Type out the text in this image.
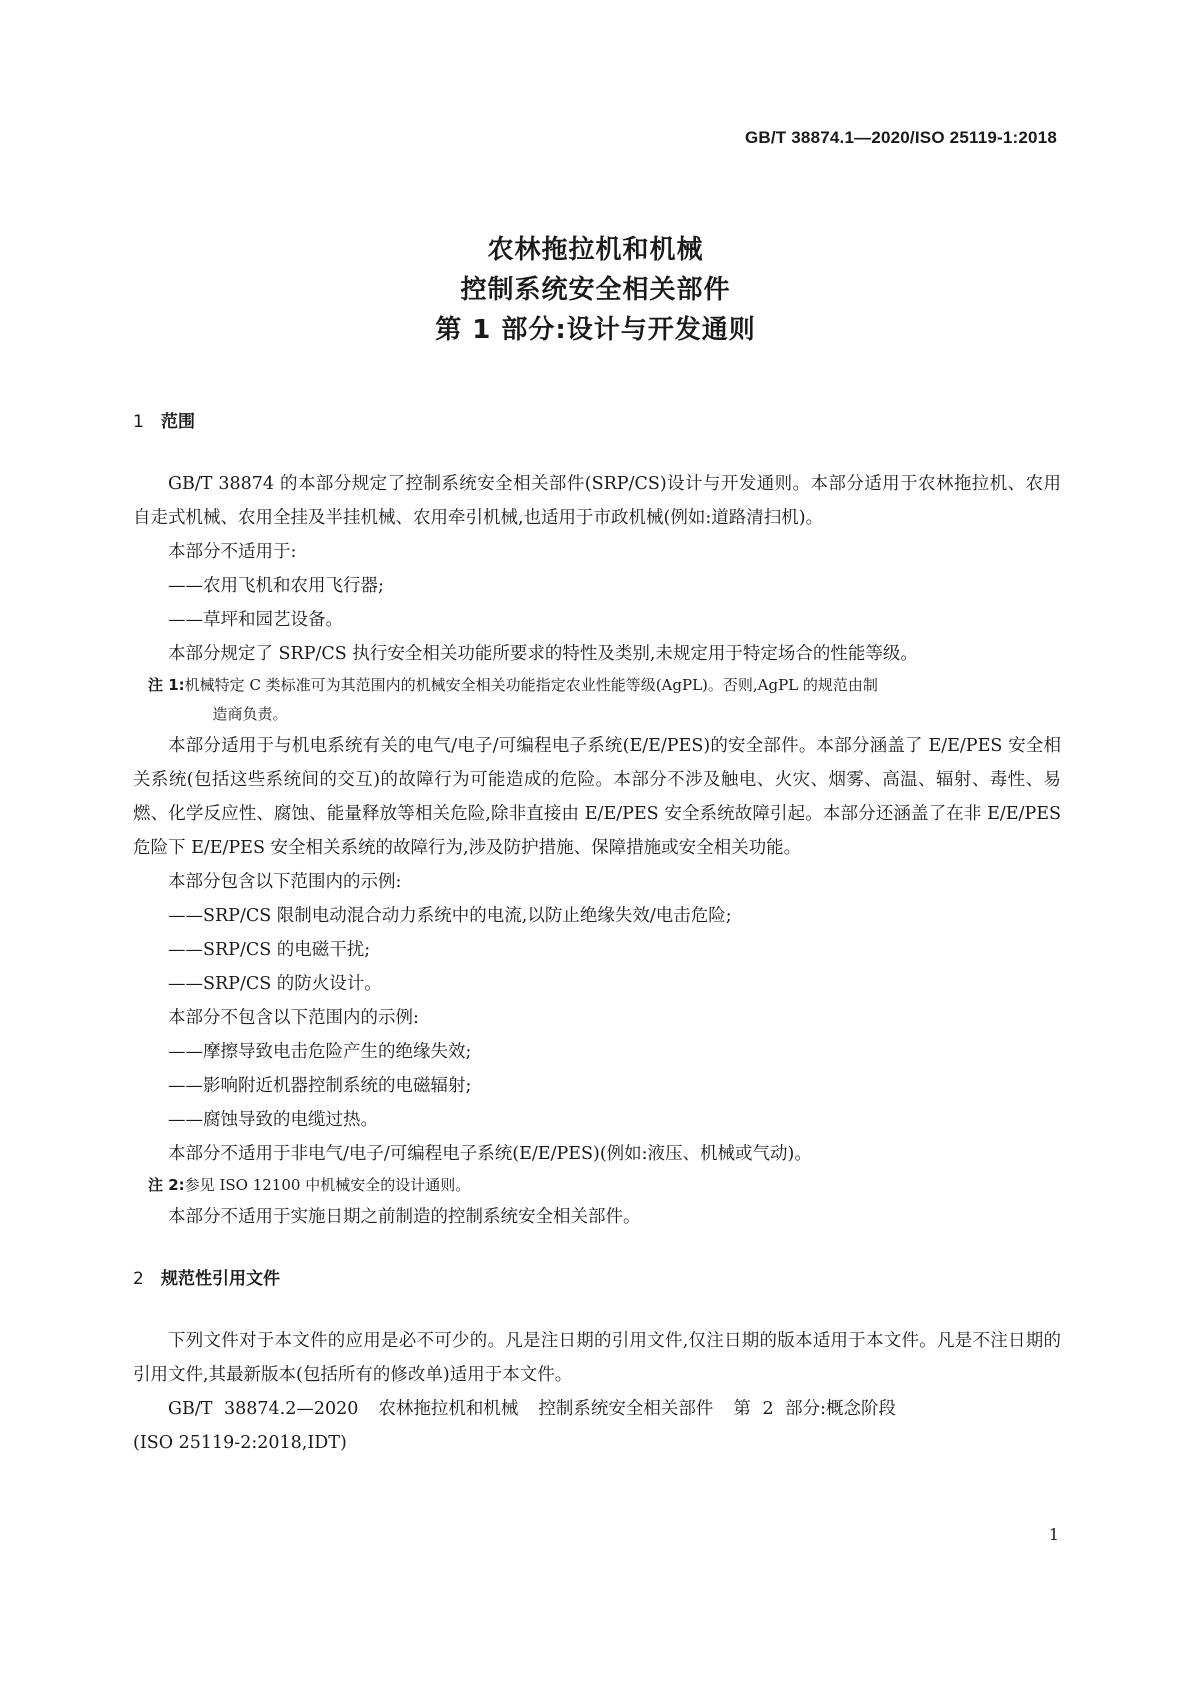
GB/T 38874.1—2020/ISO 25119-1:2018
农林拖拉机和机械
控制系统安全相关部件
第 1 部分:设计与开发通则
1 范围
GB/T 38874 的本部分规定了控制系统安全相关部件(SRP/CS)设计与开发通则。本部分适用于农林拖拉机、农用自走式机械、农用全挂及半挂机械、农用牵引机械,也适用于市政机械(例如:道路清扫机)。
本部分不适用于:
——农用飞机和农用飞行器;
——草坪和园艺设备。
本部分规定了 SRP/CS 执行安全相关功能所要求的特性及类别,未规定用于特定场合的性能等级。
注 1:机械特定 C 类标准可为其范围内的机械安全相关功能指定农业性能等级(AgPL)。否则,AgPL 的规范由制
造商负责。
本部分适用于与机电系统有关的电气/电子/可编程电子系统(E/E/PES)的安全部件。本部分涵盖了 E/E/PES 安全相关系统(包括这些系统间的交互)的故障行为可能造成的危险。本部分不涉及触电、火灾、烟雾、高温、辐射、毒性、易燃、化学反应性、腐蚀、能量释放等相关危险,除非直接由 E/E/PES 安全系统故障引起。本部分还涵盖了在非 E/E/PES 危险下 E/E/PES 安全相关系统的故障行为,涉及防护措施、保障措施或安全相关功能。
本部分包含以下范围内的示例:
——SRP/CS 限制电动混合动力系统中的电流,以防止绝缘失效/电击危险;
——SRP/CS 的电磁干扰;
——SRP/CS 的防火设计。
本部分不包含以下范围内的示例:
——摩擦导致电击危险产生的绝缘失效;
——影响附近机器控制系统的电磁辐射;
——腐蚀导致的电缆过热。
本部分不适用于非电气/电子/可编程电子系统(E/E/PES)(例如:液压、机械或气动)。
注 2:参见 ISO 12100 中机械安全的设计通则。
本部分不适用于实施日期之前制造的控制系统安全相关部件。
2 规范性引用文件
下列文件对于本文件的应用是必不可少的。凡是注日期的引用文件,仅注日期的版本适用于本文件。凡是不注日期的引用文件,其最新版本(包括所有的修改单)适用于本文件。
GB/T 38874.2—2020 农林拖拉机和机械 控制系统安全相关部件 第 2 部分:概念阶段
(ISO 25119-2:2018,IDT)
1
